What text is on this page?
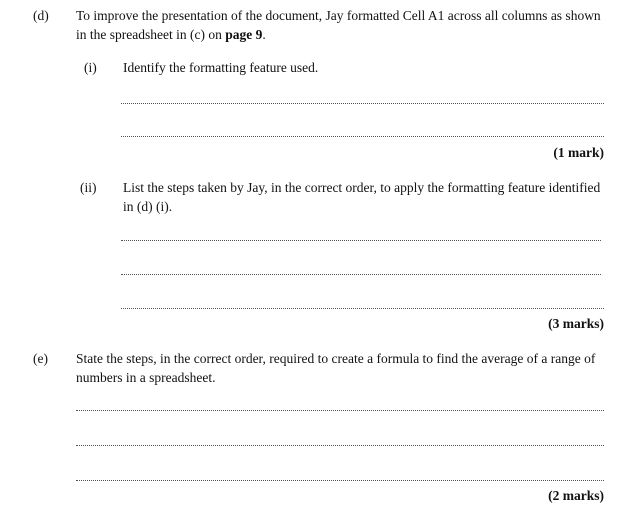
(d) To improve the presentation of the document, Jay formatted Cell A1 across all columns as shown in the spreadsheet in (c) on page 9.
(i) Identify the formatting feature used.
(1 mark)
(ii) List the steps taken by Jay, in the correct order, to apply the formatting feature identified in (d) (i).
(3 marks)
(e) State the steps, in the correct order, required to create a formula to find the average of a range of numbers in a spreadsheet.
(2 marks)
